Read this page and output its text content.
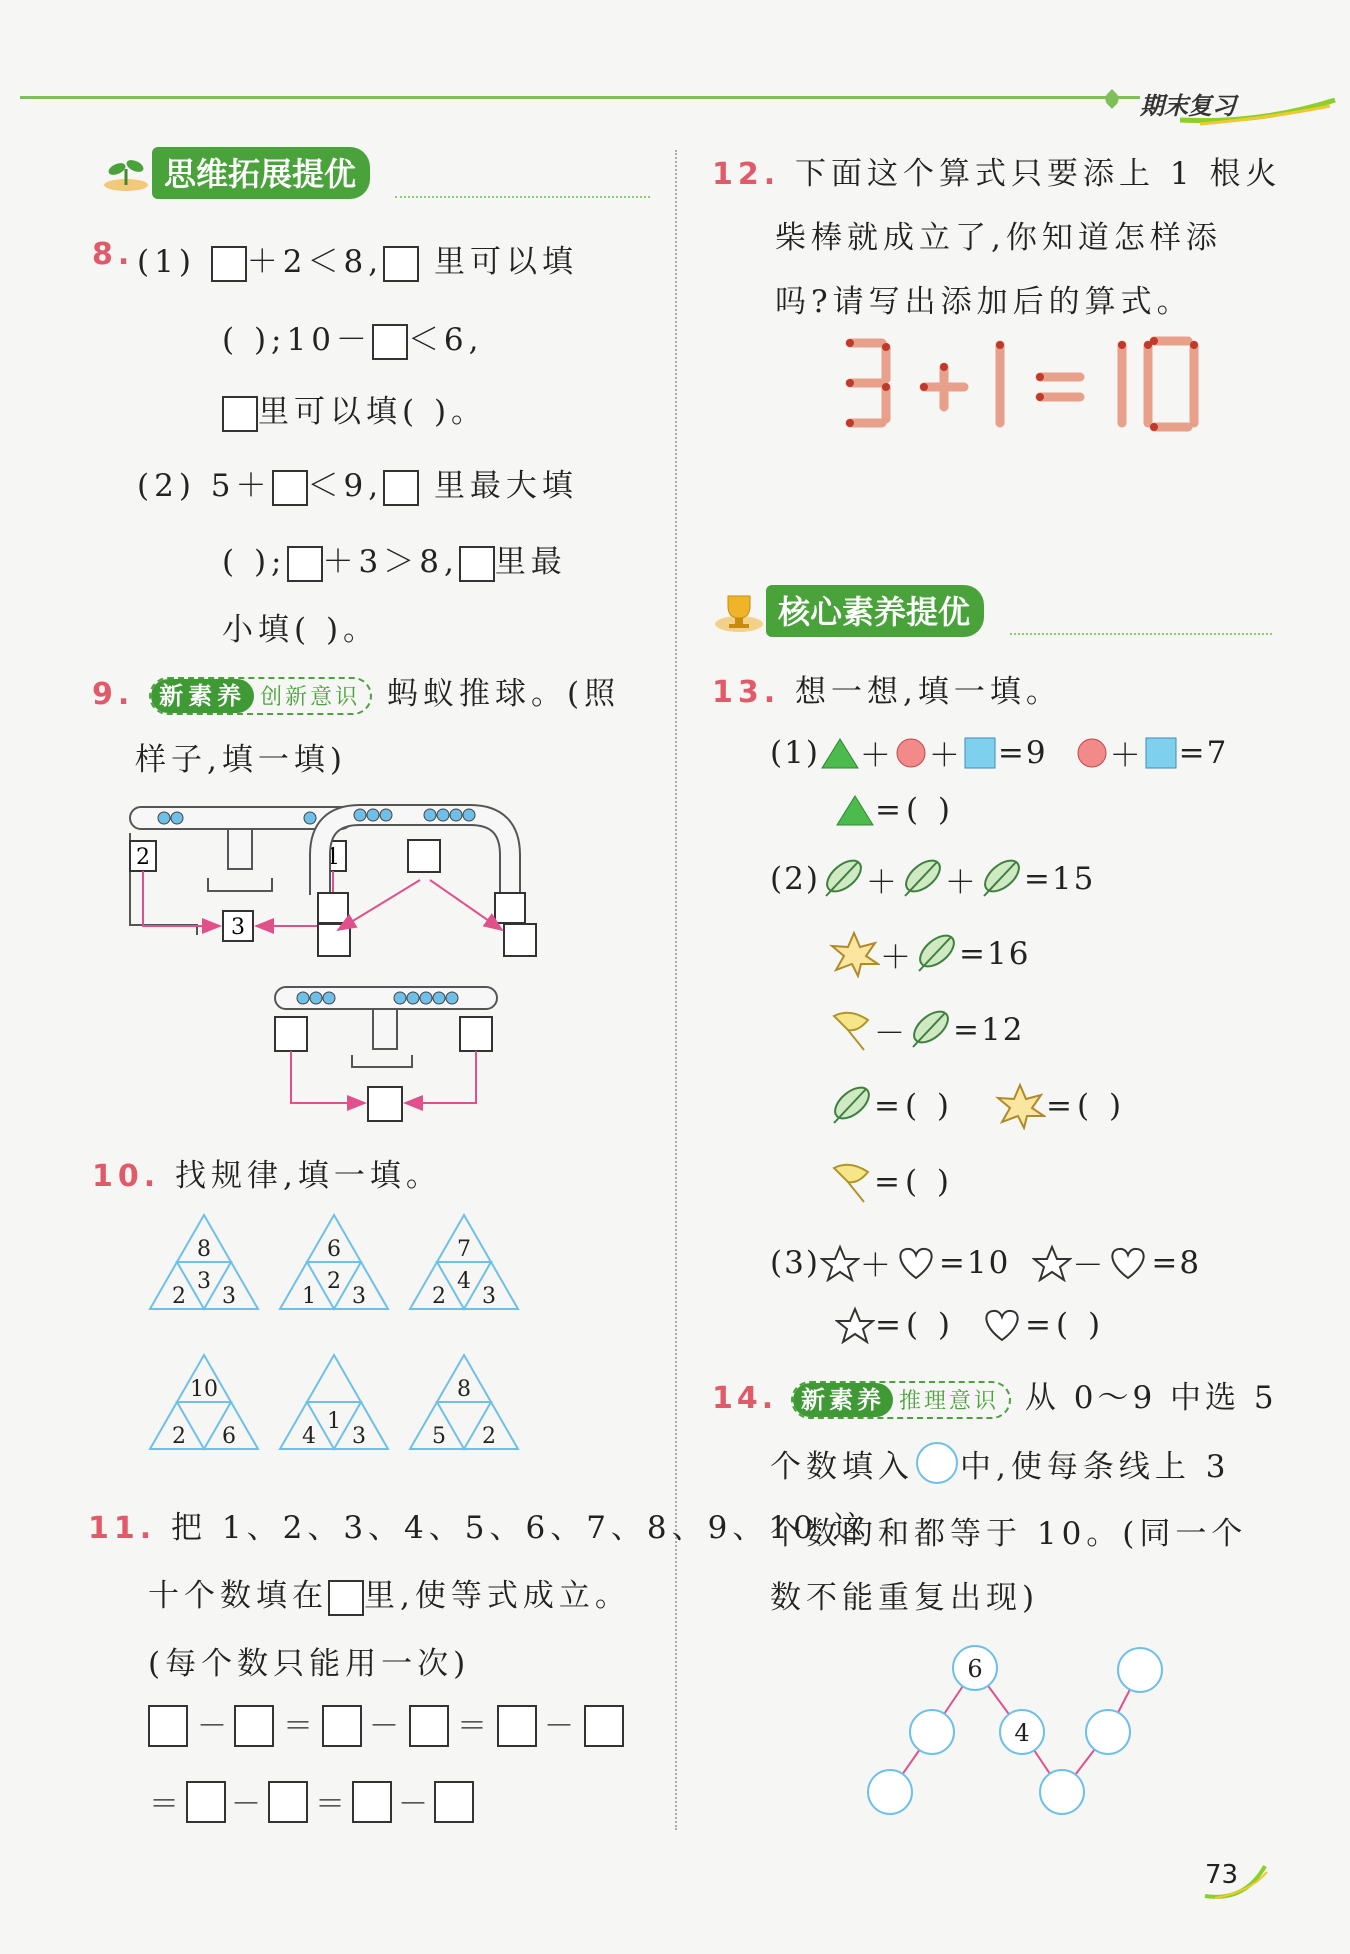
期末复习
思维拓展提优
8. (1) ＋2＜8, 里可以填
( );10－ ＜6,
里可以填( )。
(2) 5＋ ＜9, 里最大填
( ); ＋3＞8, 里最
小填( )。
9.	新素养 创新意识 蚂蚁推球。(照
样子,填一填)
2	1
3
10. 找规律,填一填。
8
3
2 3
6
2
1 3
7
4
2 3
10
2 6
1
4 3
8
5 2
11. 把 1、2、3、4、5、6、7、8、9、10 这
十个数填在 里,使等式成立。
(每个数只能用一次)
－ ＝ － ＝ －
＝ － ＝ －
12. 下面这个算式只要添上 1 根火
柴棒就成立了,你知道怎样添
吗?请写出添加后的算式。
核心素养提优
13. 想一想,填一填。
(1) ＋ ＋ =9 ＋ =7
=( )
(2) ＋ ＋ =15
＋ =16
－ =12
=( )	=( )
=( )
(3) ＋ =10 － =8
=( ) =( )
14. 新素养 推理意识 从 0～9 中选 5
个数填入 中,使每条线上 3
个数的和都等于 10。(同一个
数不能重复出现)
6
4
73
